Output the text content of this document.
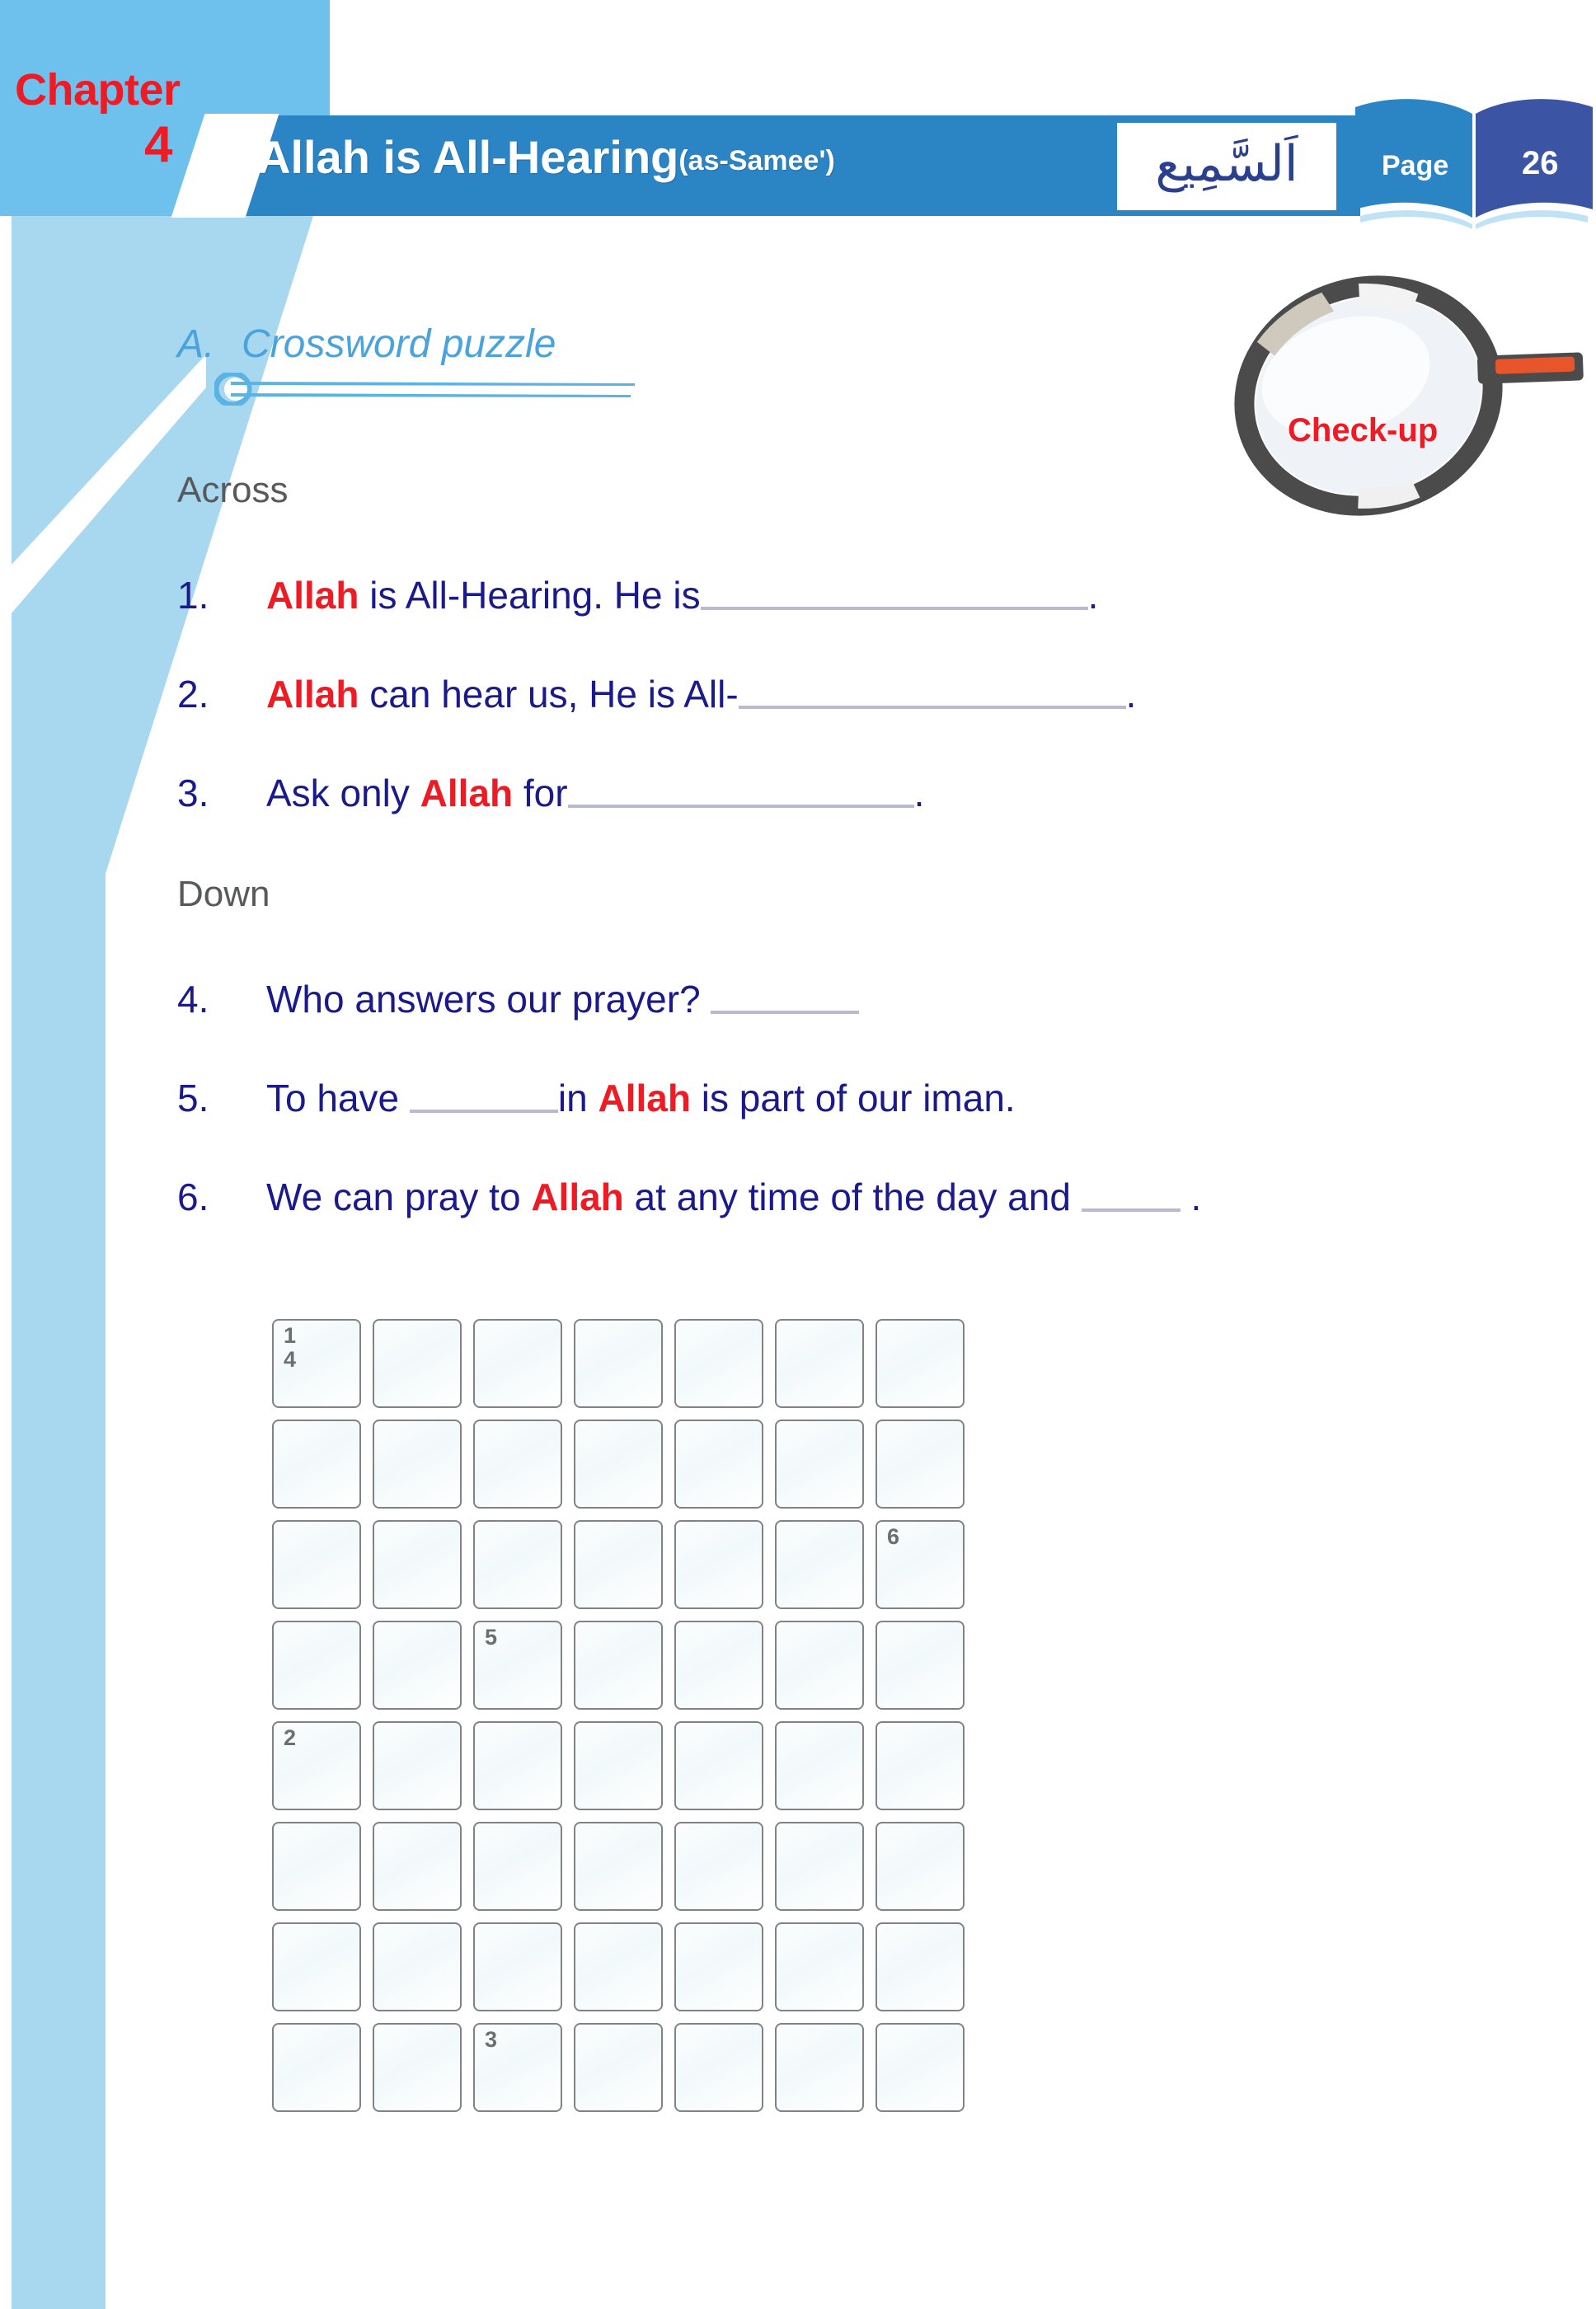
Chapter
4 Allah is All-Hearing(as-Samee')	اَلسَّمِيع	Page 26
A. Crossword puzzle
Check-up
Across
1. Allah is All-Hearing. He is	.
2. Allah can hear us, He is All-	.
3. Ask only Allah for	.
Down
4. Who answers our prayer?
5. To have	in Allah is part of our iman.
6. We can pray to Allah at any time of the day and	.
1
4
6
5
2
3
